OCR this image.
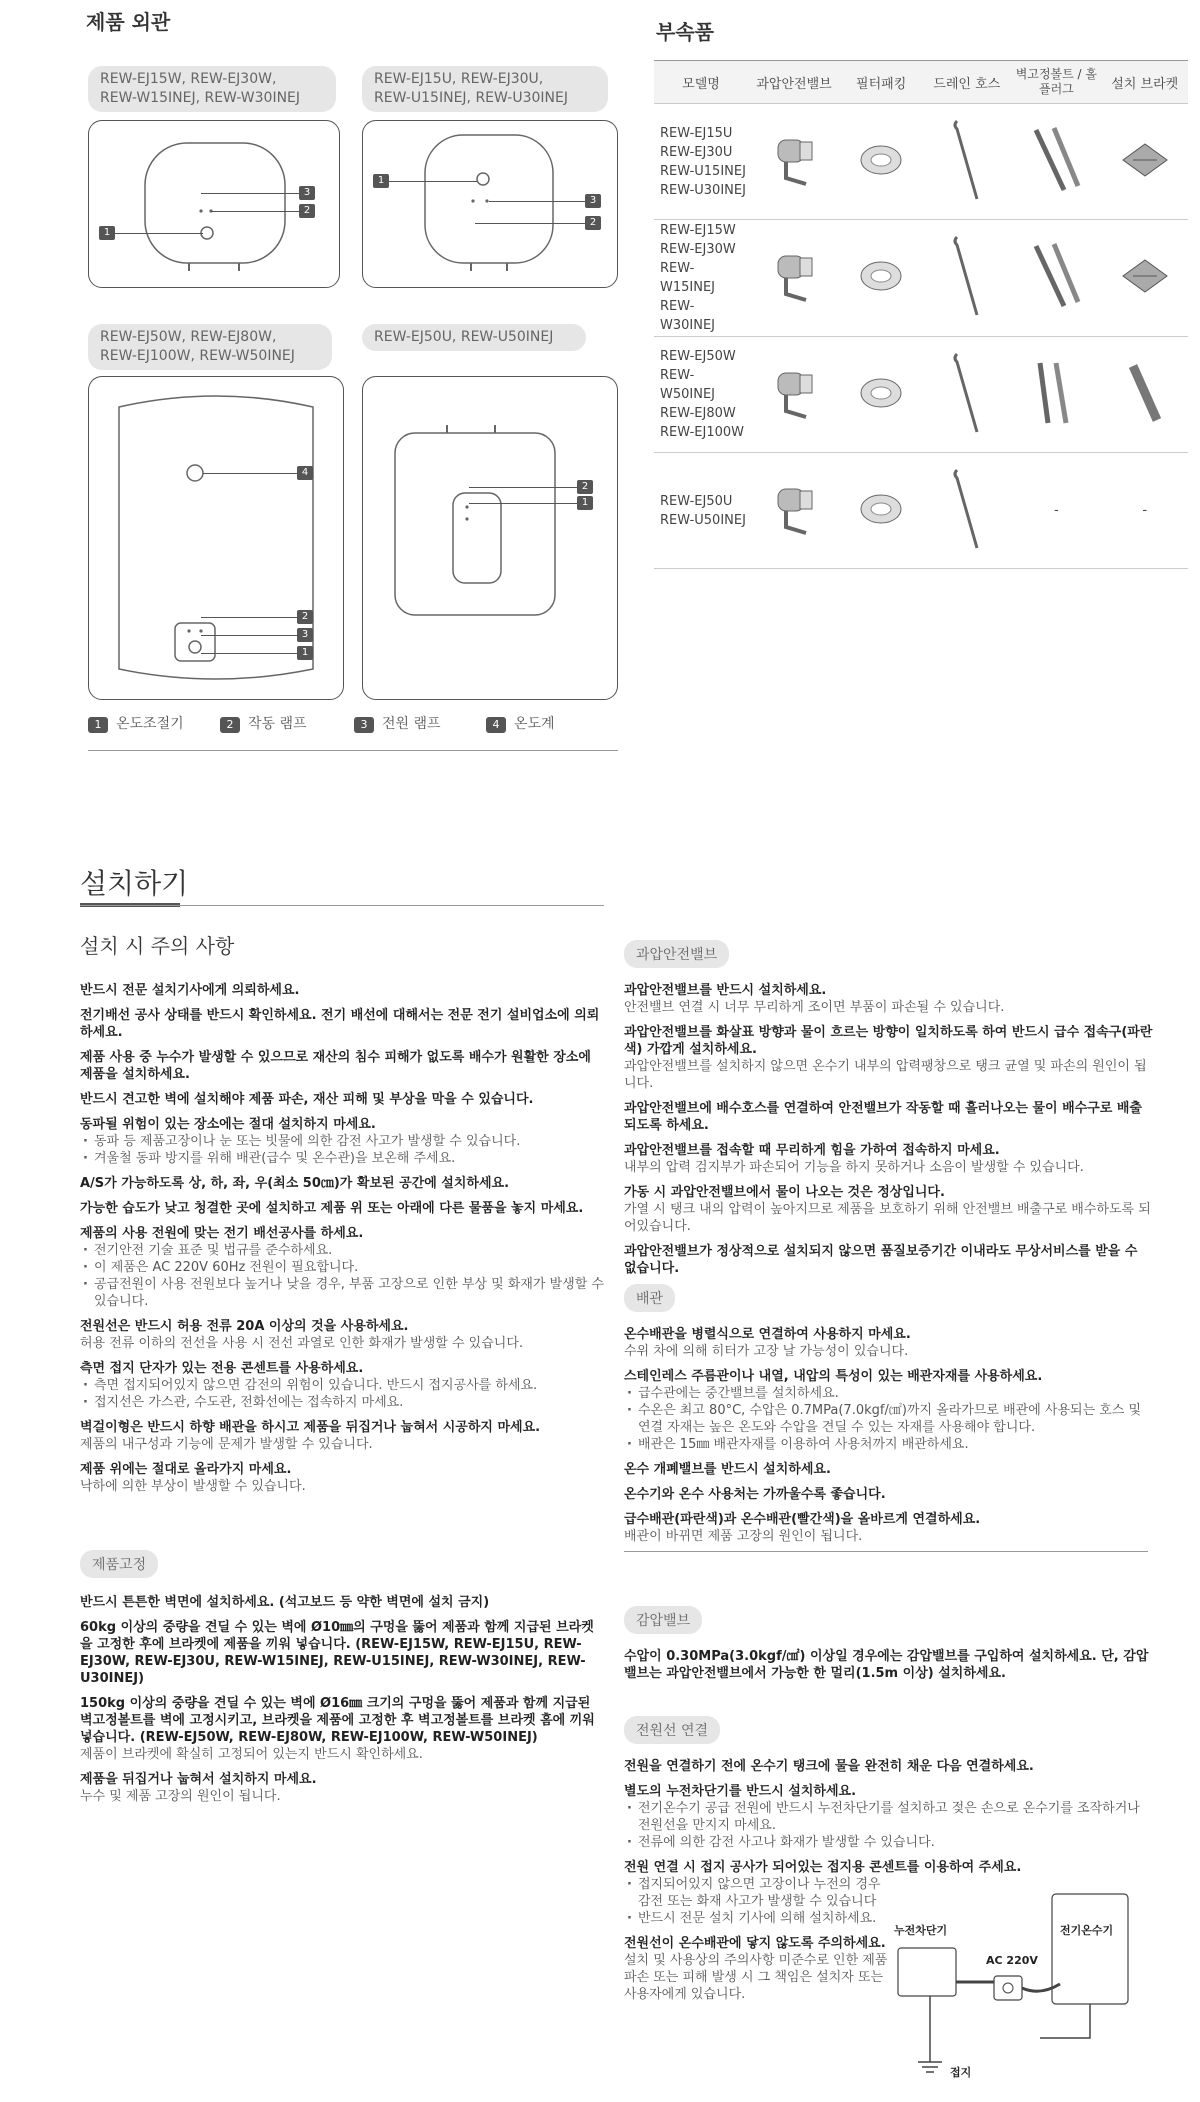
제품 외관
REW-EJ15W, REW-EJ30W,
REW-W15INEJ, REW-W30INEJ
REW-EJ15U, REW-EJ30U,
REW-U15INEJ, REW-U30INEJ
REW-EJ50W, REW-EJ80W,
REW-EJ100W, REW-W50INEJ
REW-EJ50U, REW-U50INEJ
1
2
3
1
3
2
4
2
3
1
2
1
1 온도조절기	2 작동 램프	3 전원 램프	4 온도계
부속품
모델명	과압안전밸브	필터패킹	드레인 호스	벽고정볼트 / 홀플러그	설치 브라켓

REW-EJ15U
REW-EJ30U
REW-U15INEJ
REW-U30INEJ

REW-EJ15W
REW-EJ30W
REW-W15INEJ
REW-W30INEJ

REW-EJ50W
REW-W50INEJ
REW-EJ80W
REW-EJ100W

REW-EJ50U
REW-U50INEJ				-	-
설치하기
설치 시 주의 사항

반드시 전문 설치기사에게 의뢰하세요.

전기배선 공사 상태를 반드시 확인하세요. 전기 배선에 대해서는 전문 전기 설비업소에 의뢰하세요.

제품 사용 중 누수가 발생할 수 있으므로 재산의 침수 피해가 없도록 배수가 원활한 장소에 제품을 설치하세요.

반드시 견고한 벽에 설치해야 제품 파손, 재산 피해 및 부상을 막을 수 있습니다.

동파될 위험이 있는 장소에는 절대 설치하지 마세요.

· 동파 등 제품고장이나 눈 또는 빗물에 의한 감전 사고가 발생할 수 있습니다.

· 겨울철 동파 방지를 위해 배관(급수 및 온수관)을 보온해 주세요.

A/S가 가능하도록 상, 하, 좌, 우(최소 50㎝)가 확보된 공간에 설치하세요.

가능한 습도가 낮고 청결한 곳에 설치하고 제품 위 또는 아래에 다른 물품을 놓지 마세요.

제품의 사용 전원에 맞는 전기 배선공사를 하세요.

· 전기안전 기술 표준 및 법규를 준수하세요.

· 이 제품은 AC 220V 60Hz 전원이 필요합니다.

· 공급전원이 사용 전원보다 높거나 낮을 경우, 부품 고장으로 인한 부상 및 화재가 발생할 수 있습니다.

전원선은 반드시 허용 전류 20A 이상의 것을 사용하세요.

허용 전류 이하의 전선을 사용 시 전선 과열로 인한 화재가 발생할 수 있습니다.

측면 접지 단자가 있는 전용 콘센트를 사용하세요.

· 측면 접지되어있지 않으면 감전의 위험이 있습니다. 반드시 접지공사를 하세요.

· 접지선은 가스관, 수도관, 전화선에는 접속하지 마세요.

벽걸이형은 반드시 하향 배관을 하시고 제품을 뒤집거나 눕혀서 시공하지 마세요.

제품의 내구성과 기능에 문제가 발생할 수 있습니다.

제품 위에는 절대로 올라가지 마세요.

낙하에 의한 부상이 발생할 수 있습니다.

제품고정

반드시 튼튼한 벽면에 설치하세요. (석고보드 등 약한 벽면에 설치 금지)

60kg 이상의 중량을 견딜 수 있는 벽에 Ø10㎜의 구멍을 뚫어 제품과 함께 지급된 브라켓을 고정한 후에 브라켓에 제품을 끼워 넣습니다. (REW-EJ15W, REW-EJ15U, REW-EJ30W, REW-EJ30U, REW-W15INEJ, REW-U15INEJ, REW-W30INEJ, REW-U30INEJ)

150kg 이상의 중량을 견딜 수 있는 벽에 Ø16㎜ 크기의 구멍을 뚫어 제품과 함께 지급된 벽고정볼트를 벽에 고정시키고, 브라켓을 제품에 고정한 후 벽고정볼트를 브라켓 홈에 끼워 넣습니다. (REW-EJ50W, REW-EJ80W, REW-EJ100W, REW-W50INEJ)

제품이 브라켓에 확실히 고정되어 있는지 반드시 확인하세요.

제품을 뒤집거나 눕혀서 설치하지 마세요.

누수 및 제품 고장의 원인이 됩니다.

과압안전밸브

과압안전밸브를 반드시 설치하세요.

안전밸브 연결 시 너무 무리하게 조이면 부품이 파손될 수 있습니다.

과압안전밸브를 화살표 방향과 물이 흐르는 방향이 일치하도록 하여 반드시 급수 접속구(파란색) 가깝게 설치하세요.

과압안전밸브를 설치하지 않으면 온수기 내부의 압력팽창으로 탱크 균열 및 파손의 원인이 됩니다.

과압안전밸브에 배수호스를 연결하여 안전밸브가 작동할 때 흘러나오는 물이 배수구로 배출되도록 하세요.

과압안전밸브를 접속할 때 무리하게 힘을 가하여 접속하지 마세요.

내부의 압력 검지부가 파손되어 기능을 하지 못하거나 소음이 발생할 수 있습니다.

가동 시 과압안전밸브에서 물이 나오는 것은 정상입니다.

가열 시 탱크 내의 압력이 높아지므로 제품을 보호하기 위해 안전밸브 배출구로 배수하도록 되어있습니다.

과압안전밸브가 정상적으로 설치되지 않으면 품질보증기간 이내라도 무상서비스를 받을 수 없습니다.

배관

온수배관을 병렬식으로 연결하여 사용하지 마세요.

수위 차에 의해 히터가 고장 날 가능성이 있습니다.

스테인레스 주름관이나 내열, 내압의 특성이 있는 배관자재를 사용하세요.

· 급수관에는 중간밸브를 설치하세요.

· 수온은 최고 80°C, 수압은 0.7MPa(7.0kgf/㎠)까지 올라가므로 배관에 사용되는 호스 및 연결 자재는 높은 온도와 수압을 견딜 수 있는 자재를 사용해야 합니다.

· 배관은 15㎜ 배관자재를 이용하여 사용처까지 배관하세요.

온수 개폐밸브를 반드시 설치하세요.

온수기와 온수 사용처는 가까울수록 좋습니다.

급수배관(파란색)과 온수배관(빨간색)을 올바르게 연결하세요.

배관이 바뀌면 제품 고장의 원인이 됩니다.

감압밸브

수압이 0.30MPa(3.0kgf/㎠) 이상일 경우에는 감압밸브를 구입하여 설치하세요. 단, 감압밸브는 과압안전밸브에서 가능한 한 멀리(1.5m 이상) 설치하세요.

전원선 연결

전원을 연결하기 전에 온수기 탱크에 물을 완전히 채운 다음 연결하세요.

별도의 누전차단기를 반드시 설치하세요.

· 전기온수기 공급 전원에 반드시 누전차단기를 설치하고 젖은 손으로 온수기를 조작하거나 전원선을 만지지 마세요.

· 전류에 의한 감전 사고나 화재가 발생할 수 있습니다.

전원 연결 시 접지 공사가 되어있는 접지용 콘센트를 이용하여 주세요.

· 접지되어있지 않으면 고장이나 누전의 경우 감전 또는 화재 사고가 발생할 수 있습니다

· 반드시 전문 설치 기사에 의해 설치하세요.

전원선이 온수배관에 닿지 않도록 주의하세요.

설치 및 사용상의 주의사항 미준수로 인한 제품 파손 또는 피해 발생 시 그 책임은 설치자 또는 사용자에게 있습니다.

누전차단기	전기온수기
AC 220V
접지
